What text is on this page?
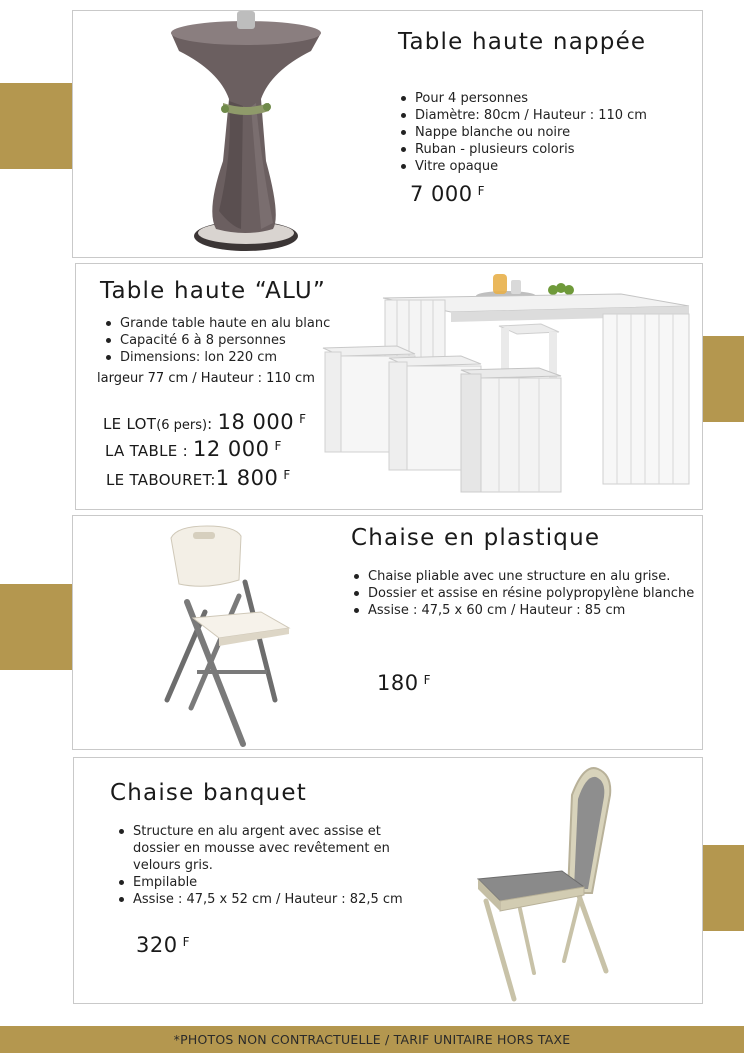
Table haute nappée
Pour 4 personnes
Diamètre: 80cm / Hauteur : 110 cm
Nappe blanche ou noire
Ruban - plusieurs coloris
Vitre opaque
7 000 $^F$
Table haute “ALU”
Grande table haute en alu blanc
Capacité 6 à 8 personnes
Dimensions: lon 220 cm
largeur 77 cm / Hauteur : 110 cm
LE LOT(6 pers): 18 000 $^F$
LA TABLE : 12 000 $^F$
LE TABOURET:1 800 $^F$
Chaise en plastique
Chaise pliable avec une structure en alu grise.
Dossier et assise en résine polypropylène blanche
Assise : 47,5 x 60 cm / Hauteur : 85 cm
180 $^F$
Chaise banquet
Structure en alu argent avec assise et dossier en mousse avec revêtement en velours gris.
Empilable
Assise : 47,5 x 52 cm / Hauteur : 82,5 cm
320 $^F$
*PHOTOS NON CONTRACTUELLE / TARIF UNITAIRE HORS TAXE
